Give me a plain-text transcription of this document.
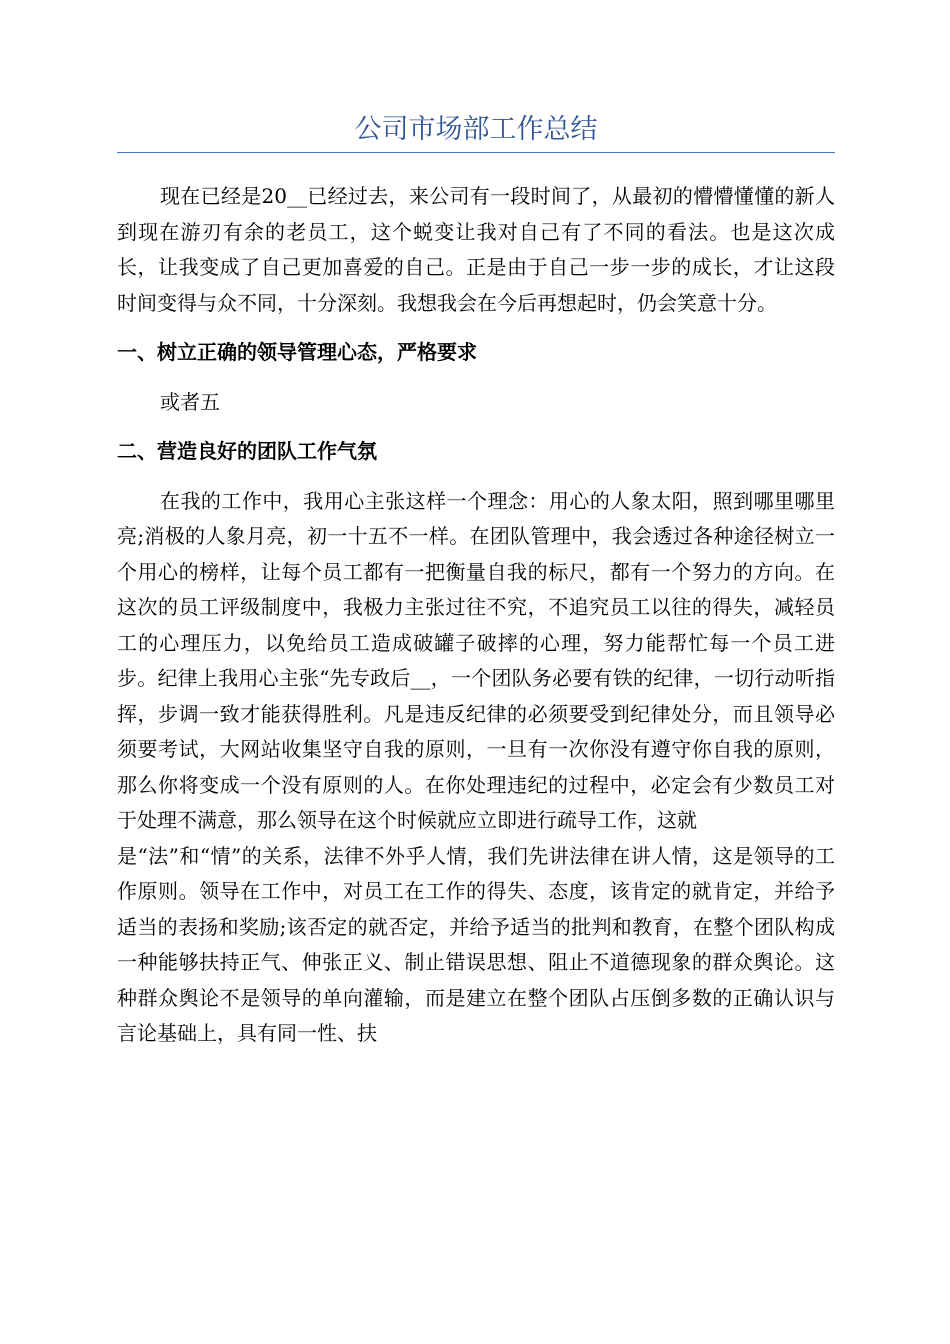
公司市场部工作总结

现在已经是20__已经过去，来公司有一段时间了，从最初的懵懵懂懂的新人到现在游刃有余的老员工，这个蜕变让我对自己有了不同的看法。也是这次成长，让我变成了自己更加喜爱的自己。正是由于自己一步一步的成长，才让这段时间变得与众不同，十分深刻。我想我会在今后再想起时，仍会笑意十分。

一、树立正确的领导管理心态，严格要求

或者五

二、营造良好的团队工作气氛

在我的工作中，我用心主张这样一个理念：用心的人象太阳，照到哪里哪里亮;消极的人象月亮，初一十五不一样。在团队管理中，我会透过各种途径树立一个用心的榜样，让每个员工都有一把衡量自我的标尺，都有一个努力的方向。在这次的员工评级制度中，我极力主张过往不究，不追究员工以往的得失，减轻员工的心理压力，以免给员工造成破罐子破摔的心理，努力能帮忙每一个员工进步。纪律上我用心主张“先专政后__，一个团队务必要有铁的纪律，一切行动听指挥，步调一致才能获得胜利。凡是违反纪律的必须要受到纪律处分，而且领导必须要考试，大网站收集坚守自我的原则，一旦有一次你没有遵守你自我的原则，那么你将变成一个没有原则的人。在你处理违纪的过程中，必定会有少数员工对于处理不满意，那么领导在这个时候就应立即进行疏导工作，这就

是“法”和“情”的关系，法律不外乎人情，我们先讲法律在讲人情，这是领导的工作原则。领导在工作中，对员工在工作的得失、态度，该肯定的就肯定，并给予适当的表扬和奖励;该否定的就否定，并给予适当的批判和教育，在整个团队构成一种能够扶持正气、伸张正义、制止错误思想、阻止不道德现象的群众舆论。这种群众舆论不是领导的单向灌输，而是建立在整个团队占压倒多数的正确认识与言论基础上，具有同一性、扶
